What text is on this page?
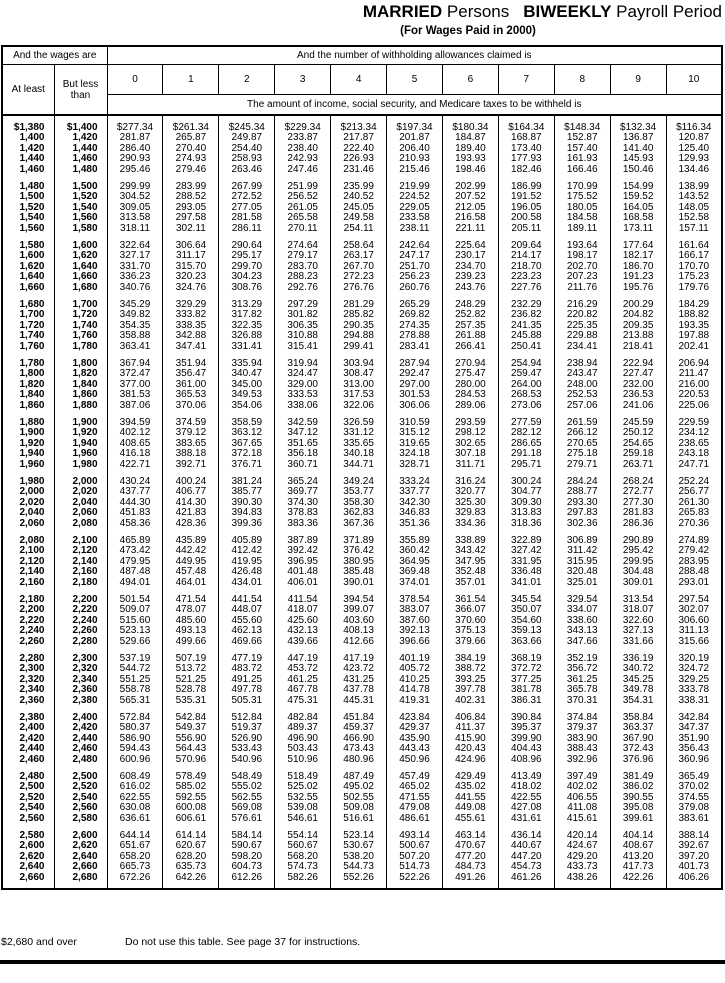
MARRIED Persons BIWEEKLY Payroll Period
(For Wages Paid in 2000)
And the wages are		And the number of withholding allowances claimed is										
At least	But less than	0	1	2	3	4	5	6	7	8	9	10
		The amount of income, social security, and Medicare taxes to be withheld is										
$1,380	$1,400	$277.34	$261.34	$245.34	$229.34	$213.34	$197.34	$180.34	$164.34	$148.34	$132.34	$116.34
1,400	1,420	281.87	265.87	249.87	233.87	217.87	201.87	184.87	168.87	152.87	136.87	120.87
1,420	1,440	286.40	270.40	254.40	238.40	222.40	206.40	189.40	173.40	157.40	141.40	125.40
1,440	1,460	290.93	274.93	258.93	242.93	226.93	210.93	193.93	177.93	161.93	145.93	129.93
1,460	1,480	295.46	279.46	263.46	247.46	231.46	215.46	198.46	182.46	166.46	150.46	134.46
1,480	1,500	299.99	283.99	267.99	251.99	235.99	219.99	202.99	186.99	170.99	154.99	138.99
1,500	1,520	304.52	288.52	272.52	256.52	240.52	224.52	207.52	191.52	175.52	159.52	143.52
1,520	1,540	309.05	293.05	277.05	261.05	245.05	229.05	212.05	196.05	180.05	164.05	148.05
1,540	1,560	313.58	297.58	281.58	265.58	249.58	233.58	216.58	200.58	184.58	168.58	152.58
1,560	1,580	318.11	302.11	286.11	270.11	254.11	238.11	221.11	205.11	189.11	173.11	157.11
1,580	1,600	322.64	306.64	290.64	274.64	258.64	242.64	225.64	209.64	193.64	177.64	161.64
1,600	1,620	327.17	311.17	295.17	279.17	263.17	247.17	230.17	214.17	198.17	182.17	166.17
1,620	1,640	331.70	315.70	299.70	283.70	267.70	251.70	234.70	218.70	202.70	186.70	170.70
1,640	1,660	336.23	320.23	304.23	288.23	272.23	256.23	239.23	223.23	207.23	191.23	175.23
1,660	1,680	340.76	324.76	308.76	292.76	276.76	260.76	243.76	227.76	211.76	195.76	179.76
1,680	1,700	345.29	329.29	313.29	297.29	281.29	265.29	248.29	232.29	216.29	200.29	184.29
1,700	1,720	349.82	333.82	317.82	301.82	285.82	269.82	252.82	236.82	220.82	204.82	188.82
1,720	1,740	354.35	338.35	322.35	306.35	290.35	274.35	257.35	241.35	225.35	209.35	193.35
1,740	1,760	358.88	342.88	326.88	310.88	294.88	278.88	261.88	245.88	229.88	213.88	197.88
1,760	1,780	363.41	347.41	331.41	315.41	299.41	283.41	266.41	250.41	234.41	218.41	202.41
1,780	1,800	367.94	351.94	335.94	319.94	303.94	287.94	270.94	254.94	238.94	222.94	206.94
1,800	1,820	372.47	356.47	340.47	324.47	308.47	292.47	275.47	259.47	243.47	227.47	211.47
1,820	1,840	377.00	361.00	345.00	329.00	313.00	297.00	280.00	264.00	248.00	232.00	216.00
1,840	1,860	381.53	365.53	349.53	333.53	317.53	301.53	284.53	268.53	252.53	236.53	220.53
1,860	1,880	387.06	370.06	354.06	338.06	322.06	306.06	289.06	273.06	257.06	241.06	225.06
1,880	1,900	394.59	374.59	358.59	342.59	326.59	310.59	293.59	277.59	261.59	245.59	229.59
1,900	1,920	402.12	379.12	363.12	347.12	331.12	315.12	298.12	282.12	266.12	250.12	234.12
1,920	1,940	408.65	383.65	367.65	351.65	335.65	319.65	302.65	286.65	270.65	254.65	238.65
1,940	1,960	416.18	388.18	372.18	356.18	340.18	324.18	307.18	291.18	275.18	259.18	243.18
1,960	1,980	422.71	392.71	376.71	360.71	344.71	328.71	311.71	295.71	279.71	263.71	247.71
1,980	2,000	430.24	400.24	381.24	365.24	349.24	333.24	316.24	300.24	284.24	268.24	252.24
2,000	2,020	437.77	406.77	385.77	369.77	353.77	337.77	320.77	304.77	288.77	272.77	256.77
2,020	2,040	444.30	414.30	390.30	374.30	358.30	342.30	325.30	309.30	293.30	277.30	261.30
2,040	2,060	451.83	421.83	394.83	378.83	362.83	346.83	329.83	313.83	297.83	281.83	265.83
2,060	2,080	458.36	428.36	399.36	383.36	367.36	351.36	334.36	318.36	302.36	286.36	270.36
2,080	2,100	465.89	435.89	405.89	387.89	371.89	355.89	338.89	322.89	306.89	290.89	274.89
2,100	2,120	473.42	442.42	412.42	392.42	376.42	360.42	343.42	327.42	311.42	295.42	279.42
2,120	2,140	479.95	449.95	419.95	396.95	380.95	364.95	347.95	331.95	315.95	299.95	283.95
2,140	2,160	487.48	457.48	426.48	401.48	385.48	369.48	352.48	336.48	320.48	304.48	288.48
2,160	2,180	494.01	464.01	434.01	406.01	390.01	374.01	357.01	341.01	325.01	309.01	293.01
2,180	2,200	501.54	471.54	441.54	411.54	394.54	378.54	361.54	345.54	329.54	313.54	297.54
2,200	2,220	509.07	478.07	448.07	418.07	399.07	383.07	366.07	350.07	334.07	318.07	302.07
2,220	2,240	515.60	485.60	455.60	425.60	403.60	387.60	370.60	354.60	338.60	322.60	306.60
2,240	2,260	523.13	493.13	462.13	432.13	408.13	392.13	375.13	359.13	343.13	327.13	311.13
2,260	2,280	529.66	499.66	469.66	439.66	412.66	396.66	379.66	363.66	347.66	331.66	315.66
2,280	2,300	537.19	507.19	477.19	447.19	417.19	401.19	384.19	368.19	352.19	336.19	320.19
2,300	2,320	544.72	513.72	483.72	453.72	423.72	405.72	388.72	372.72	356.72	340.72	324.72
2,320	2,340	551.25	521.25	491.25	461.25	431.25	410.25	393.25	377.25	361.25	345.25	329.25
2,340	2,360	558.78	528.78	497.78	467.78	437.78	414.78	397.78	381.78	365.78	349.78	333.78
2,360	2,380	565.31	535.31	505.31	475.31	445.31	419.31	402.31	386.31	370.31	354.31	338.31
2,380	2,400	572.84	542.84	512.84	482.84	451.84	423.84	406.84	390.84	374.84	358.84	342.84
2,400	2,420	580.37	549.37	519.37	489.37	459.37	429.37	411.37	395.37	379.37	363.37	347.37
2,420	2,440	586.90	556.90	526.90	496.90	466.90	435.90	415.90	399.90	383.90	367.90	351.90
2,440	2,460	594.43	564.43	533.43	503.43	473.43	443.43	420.43	404.43	388.43	372.43	356.43
2,460	2,480	600.96	570.96	540.96	510.96	480.96	450.96	424.96	408.96	392.96	376.96	360.96
2,480	2,500	608.49	578.49	548.49	518.49	487.49	457.49	429.49	413.49	397.49	381.49	365.49
2,500	2,520	616.02	585.02	555.02	525.02	495.02	465.02	435.02	418.02	402.02	386.02	370.02
2,520	2,540	622.55	592.55	562.55	532.55	502.55	471.55	441.55	422.55	406.55	390.55	374.55
2,540	2,560	630.08	600.08	569.08	539.08	509.08	479.08	449.08	427.08	411.08	395.08	379.08
2,560	2,580	636.61	606.61	576.61	546.61	516.61	486.61	455.61	431.61	415.61	399.61	383.61
2,580	2,600	644.14	614.14	584.14	554.14	523.14	493.14	463.14	436.14	420.14	404.14	388.14
2,600	2,620	651.67	620.67	590.67	560.67	530.67	500.67	470.67	440.67	424.67	408.67	392.67
2,620	2,640	658.20	628.20	598.20	568.20	538.20	507.20	477.20	447.20	429.20	413.20	397.20
2,640	2,660	665.73	635.73	604.73	574.73	544.73	514.73	484.73	454.73	433.73	417.73	401.73
2,660	2,680	672.26	642.26	612.26	582.26	552.26	522.26	491.26	461.26	438.26	422.26	406.26
$2,680 and over	Do not use this table. See page 37 for instructions.
